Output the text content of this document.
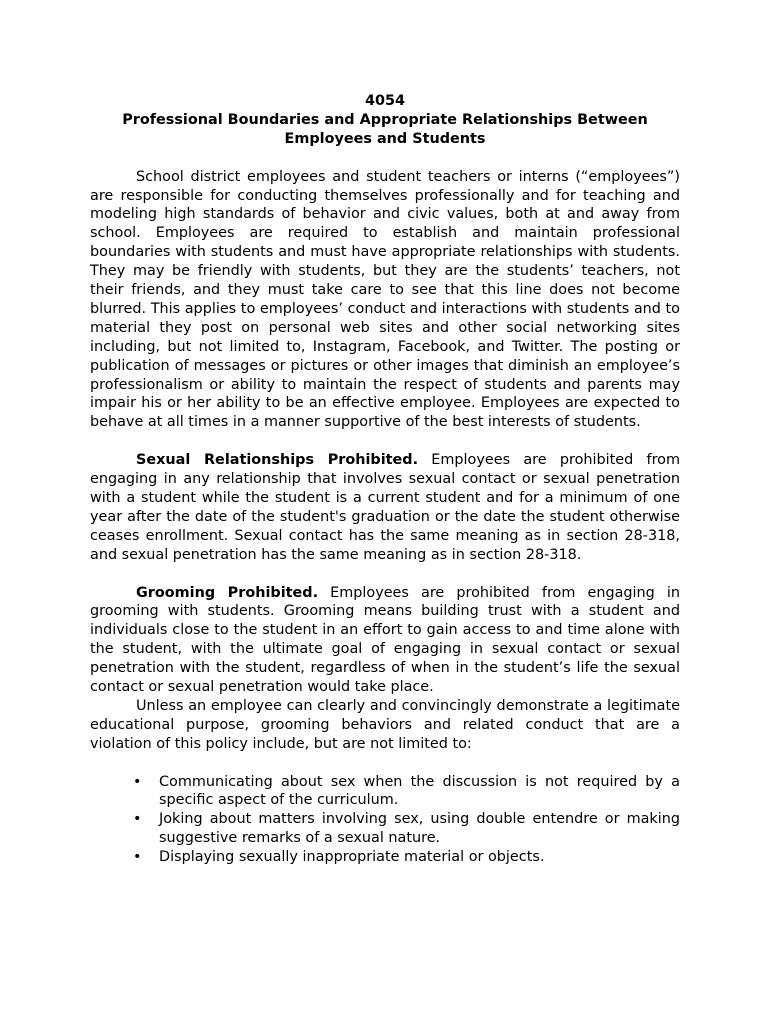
4054
Professional Boundaries and Appropriate Relationships Between
Employees and Students

School district employees and student teachers or interns (“employees”) are responsible for conducting themselves professionally and for teaching and modeling high standards of behavior and civic values, both at and away from school. Employees are required to establish and maintain professional boundaries with students and must have appropriate relationships with students. They may be friendly with students, but they are the students’ teachers, not their friends, and they must take care to see that this line does not become blurred. This applies to employees’ conduct and interactions with students and to material they post on personal web sites and other social networking sites including, but not limited to, Instagram, Facebook, and Twitter. The posting or publication of messages or pictures or other images that diminish an employee’s professionalism or ability to maintain the respect of students and parents may impair his or her ability to be an effective employee. Employees are expected to behave at all times in a manner supportive of the best interests of students.

Sexual Relationships Prohibited. Employees are prohibited from engaging in any relationship that involves sexual contact or sexual penetration with a student while the student is a current student and for a minimum of one year after the date of the student's graduation or the date the student otherwise ceases enrollment. Sexual contact has the same meaning as in section 28-318, and sexual penetration has the same meaning as in section 28-318.

Grooming Prohibited. Employees are prohibited from engaging in grooming with students. Grooming means building trust with a student and individuals close to the student in an effort to gain access to and time alone with the student, with the ultimate goal of engaging in sexual contact or sexual penetration with the student, regardless of when in the student’s life the sexual contact or sexual penetration would take place.

Unless an employee can clearly and convincingly demonstrate a legitimate educational purpose, grooming behaviors and related conduct that are a violation of this policy include, but are not limited to:

• Communicating about sex when the discussion is not required by a specific aspect of the curriculum.
• Joking about matters involving sex, using double entendre or making suggestive remarks of a sexual nature.
• Displaying sexually inappropriate material or objects.
